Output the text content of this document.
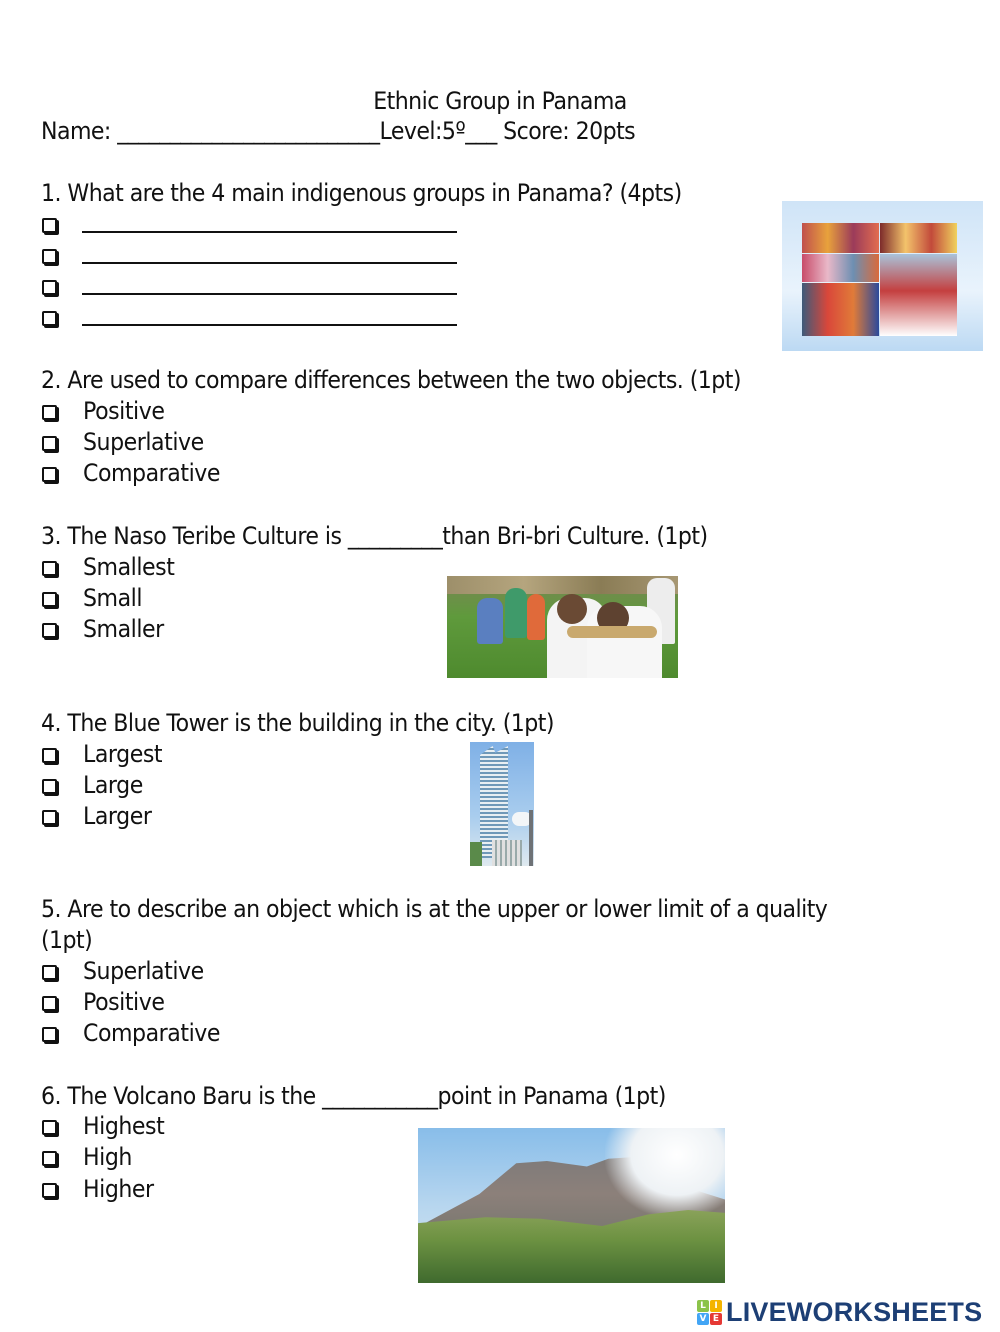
Ethnic Group in Panama
Name: _________________________Level:5º___ Score: 20pts
1. What are the 4 main indigenous groups in Panama? (4pts)
2. Are used to compare differences between the two objects. (1pt)
Positive
Superlative
Comparative
3. The Naso Teribe Culture is _________than Bri-bri Culture. (1pt)
Smallest
Small
Smaller
4. The Blue Tower is the building in the city. (1pt)
Largest
Large
Larger
5. Are to describe an object which is at the upper or lower limit of a quality
(1pt)
Superlative
Positive
Comparative
6. The Volcano Baru is the ___________point in Panama (1pt)
Highest
High
Higher
L I
V E LIVEWORKSHEETS
